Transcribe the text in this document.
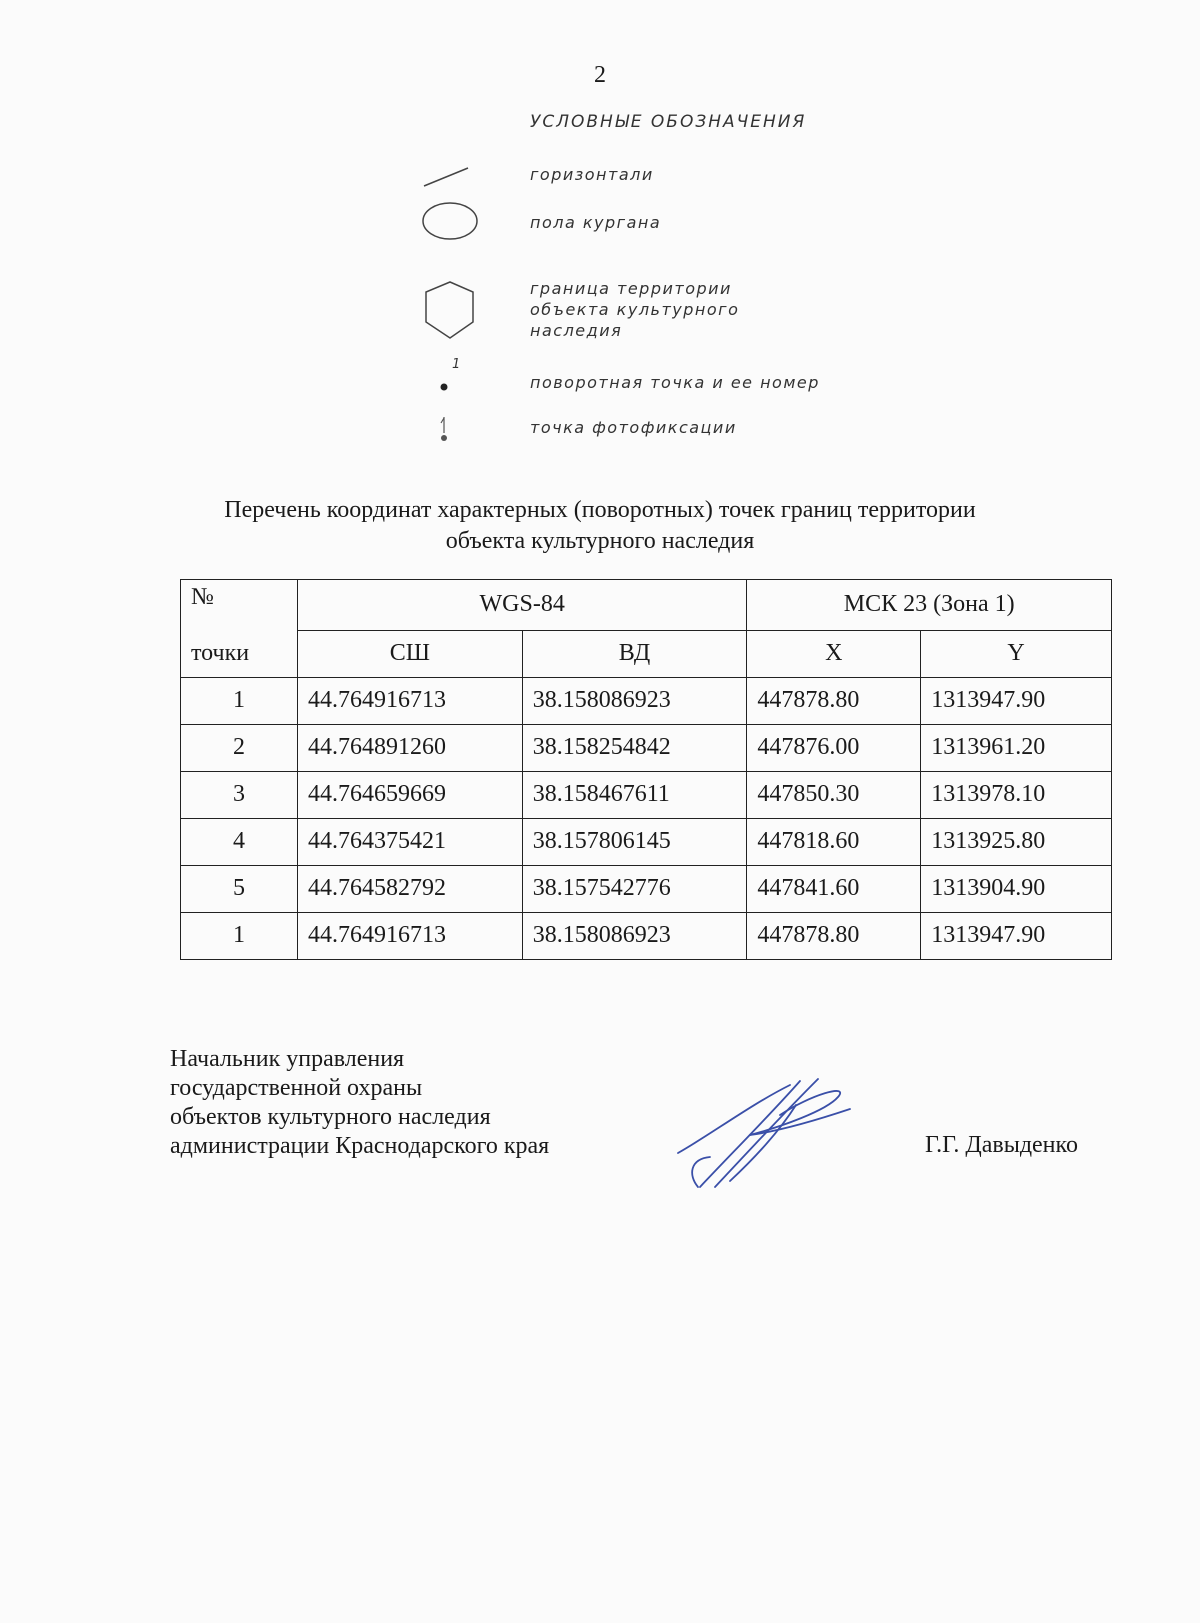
2
УСЛОВНЫЕ ОБОЗНАЧЕНИЯ
горизонтали
пола кургана
граница территории
объекта культурного
наследия
1
поворотная точка и ее номер
точка фотофиксации
Перечень координат характерных (поворотных) точек границ территории
объекта культурного наследия
№	WGS-84		МСК 23 (Зона 1)	
точки	СШ	ВД	X	Y
1	44.764916713	38.158086923	447878.80	1313947.90
2	44.764891260	38.158254842	447876.00	1313961.20
3	44.764659669	38.158467611	447850.30	1313978.10
4	44.764375421	38.157806145	447818.60	1313925.80
5	44.764582792	38.157542776	447841.60	1313904.90
1	44.764916713	38.158086923	447878.80	1313947.90
Начальник управления
государственной охраны
объектов культурного наследия
администрации Краснодарского края	Г.Г. Давыденко
